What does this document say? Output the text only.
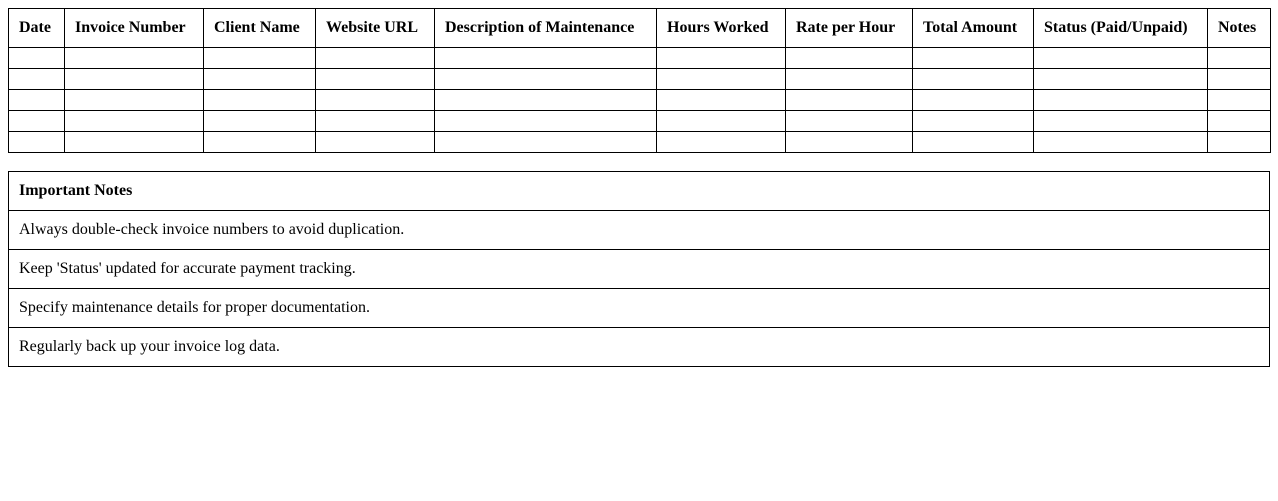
Date	Invoice Number	Client Name	Website URL	Description of Maintenance	Hours Worked	Rate per Hour	Total Amount	Status (Paid/Unpaid)	Notes

Important Notes
Always double-check invoice numbers to avoid duplication.
Keep 'Status' updated for accurate payment tracking.
Specify maintenance details for proper documentation.
Regularly back up your invoice log data.
